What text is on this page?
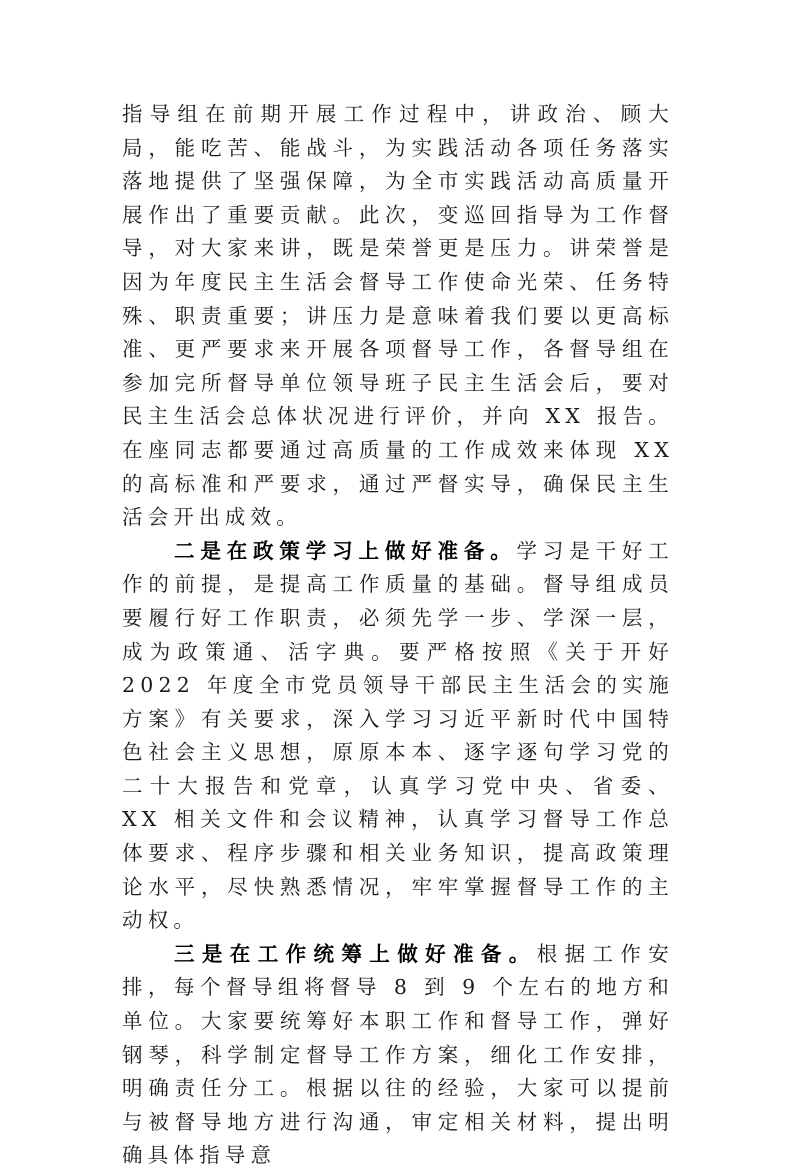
指导组在前期开展工作过程中，讲政治、顾大局，能吃苦、能战斗，为实践活动各项任务落实落地提供了坚强保障，为全市实践活动高质量开展作出了重要贡献。此次，变巡回指导为工作督导，对大家来讲，既是荣誉更是压力。讲荣誉是因为年度民主生活会督导工作使命光荣、任务特殊、职责重要；讲压力是意味着我们要以更高标准、更严要求来开展各项督导工作，各督导组在参加完所督导单位领导班子民主生活会后，要对民主生活会总体状况进行评价，并向 XX 报告。在座同志都要通过高质量的工作成效来体现 XX 的高标准和严要求，通过严督实导，确保民主生活会开出成效。

二是在政策学习上做好准备。学习是干好工作的前提，是提高工作质量的基础。督导组成员要履行好工作职责，必须先学一步、学深一层，成为政策通、活字典。要严格按照《关于开好 2022 年度全市党员领导干部民主生活会的实施方案》有关要求，深入学习习近平新时代中国特色社会主义思想，原原本本、逐字逐句学习党的二十大报告和党章，认真学习党中央、省委、XX 相关文件和会议精神，认真学习督导工作总体要求、程序步骤和相关业务知识，提高政策理论水平，尽快熟悉情况，牢牢掌握督导工作的主动权。

三是在工作统筹上做好准备。根据工作安排，每个督导组将督导 8 到 9 个左右的地方和单位。大家要统筹好本职工作和督导工作，弹好钢琴，科学制定督导工作方案，细化工作安排，明确责任分工。根据以往的经验，大家可以提前与被督导地方进行沟通，审定相关材料，提出明确具体指导意
